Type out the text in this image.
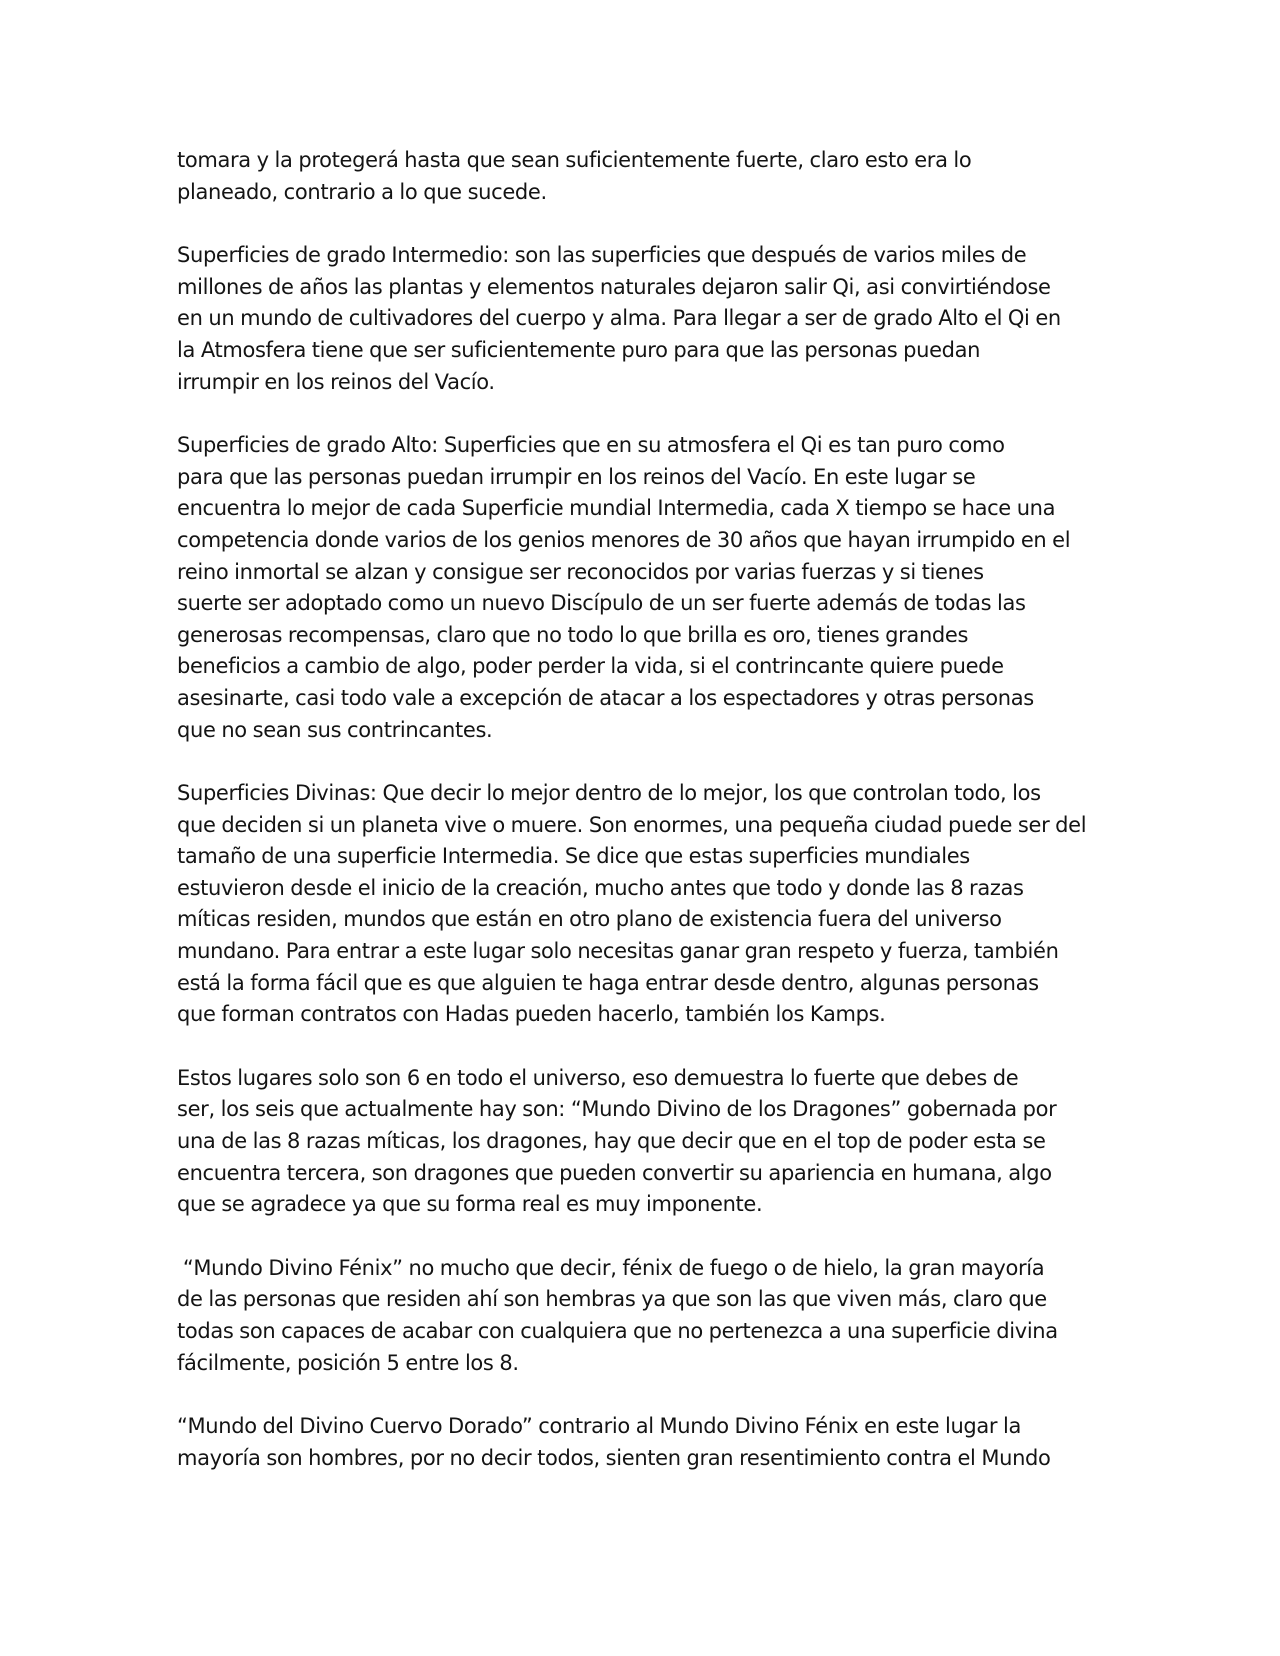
tomara y la protegerá hasta que sean suficientemente fuerte, claro esto era lo
planeado, contrario a lo que sucede.

Superficies de grado Intermedio: son las superficies que después de varios miles de
millones de años las plantas y elementos naturales dejaron salir Qi, asi convirtiéndose
en un mundo de cultivadores del cuerpo y alma. Para llegar a ser de grado Alto el Qi en
la Atmosfera tiene que ser suficientemente puro para que las personas puedan
irrumpir en los reinos del Vacío.

Superficies de grado Alto: Superficies que en su atmosfera el Qi es tan puro como
para que las personas puedan irrumpir en los reinos del Vacío. En este lugar se
encuentra lo mejor de cada Superficie mundial Intermedia, cada X tiempo se hace una
competencia donde varios de los genios menores de 30 años que hayan irrumpido en el
reino inmortal se alzan y consigue ser reconocidos por varias fuerzas y si tienes
suerte ser adoptado como un nuevo Discípulo de un ser fuerte además de todas las
generosas recompensas, claro que no todo lo que brilla es oro, tienes grandes
beneficios a cambio de algo, poder perder la vida, si el contrincante quiere puede
asesinarte, casi todo vale a excepción de atacar a los espectadores y otras personas
que no sean sus contrincantes.

Superficies Divinas: Que decir lo mejor dentro de lo mejor, los que controlan todo, los
que deciden si un planeta vive o muere. Son enormes, una pequeña ciudad puede ser del
tamaño de una superficie Intermedia. Se dice que estas superficies mundiales
estuvieron desde el inicio de la creación, mucho antes que todo y donde las 8 razas
míticas residen, mundos que están en otro plano de existencia fuera del universo
mundano. Para entrar a este lugar solo necesitas ganar gran respeto y fuerza, también
está la forma fácil que es que alguien te haga entrar desde dentro, algunas personas
que forman contratos con Hadas pueden hacerlo, también los Kamps.

Estos lugares solo son 6 en todo el universo, eso demuestra lo fuerte que debes de
ser, los seis que actualmente hay son: “Mundo Divino de los Dragones” gobernada por
una de las 8 razas míticas, los dragones, hay que decir que en el top de poder esta se
encuentra tercera, son dragones que pueden convertir su apariencia en humana, algo
que se agradece ya que su forma real es muy imponente.

“Mundo Divino Fénix” no mucho que decir, fénix de fuego o de hielo, la gran mayoría
de las personas que residen ahí son hembras ya que son las que viven más, claro que
todas son capaces de acabar con cualquiera que no pertenezca a una superficie divina
fácilmente, posición 5 entre los 8.

“Mundo del Divino Cuervo Dorado” contrario al Mundo Divino Fénix en este lugar la
mayoría son hombres, por no decir todos, sienten gran resentimiento contra el Mundo
